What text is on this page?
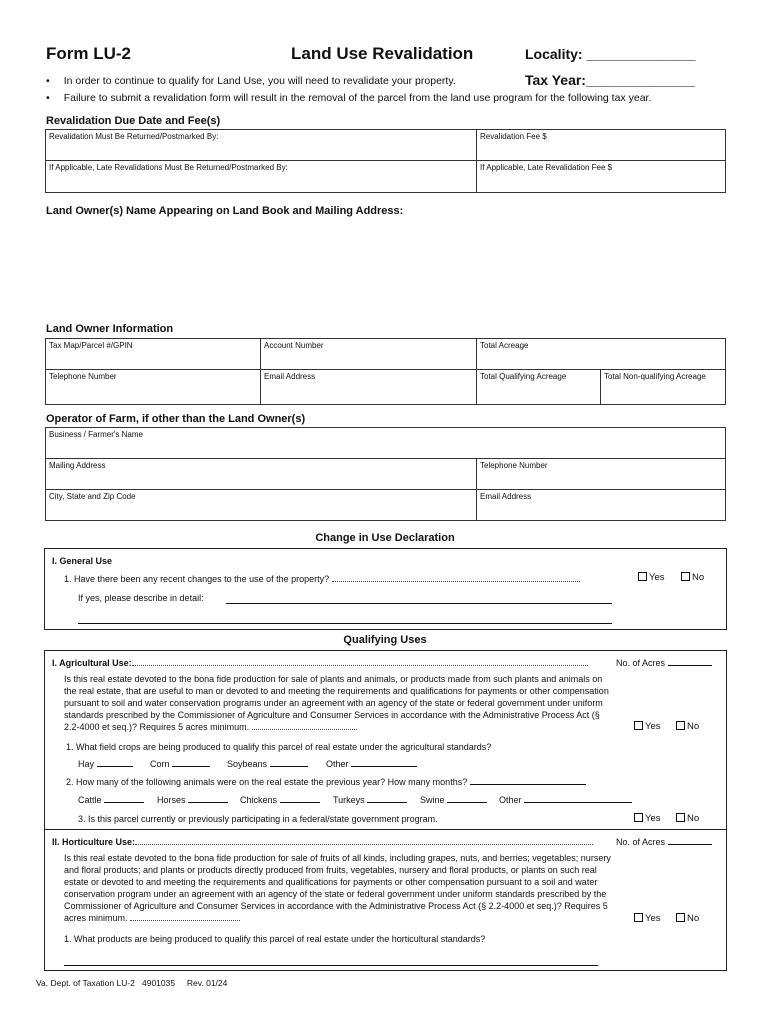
Form LU-2	Land Use Revalidation	Locality: ______________
Tax Year:______________
• In order to continue to qualify for Land Use, you will need to revalidate your property.
• Failure to submit a revalidation form will result in the removal of the parcel from the land use program for the following tax year.
Revalidation Due Date and Fee(s)
Revalidation Must Be Returned/Postmarked By:	Revalidation Fee $
If Applicable, Late Revalidations Must Be Returned/Postmarked By:	If Applicable, Late Revalidation Fee $
Land Owner(s) Name Appearing on Land Book and Mailing Address:
Land Owner Information
Tax Map/Parcel #/GPIN	Account Number	Total Acreage
Telephone Number	Email Address	Total Qualifying Acreage	Total Non-qualifying Acreage
Operator of Farm, if other than the Land Owner(s)
Business / Farmer's Name
Mailing Address	Telephone Number
City, State and Zip Code	Email Address
Change in Use Declaration
I. General Use
1. Have there been any recent changes to the use of the property?	Yes	No
If yes, please describe in detail:
Qualifying Uses
I. Agricultural Use:	No. of Acres
Is this real estate devoted to the bona fide production for sale of plants and animals, or products made from such plants and animals on the real estate, that are useful to man or devoted to and meeting the requirements and qualifications for payments or other compensation pursuant to soil and water conservation programs under an agreement with an agency of the state or federal government under uniform standards prescribed by the Commissioner of Agriculture and Consumer Services in accordance with the Administrative Process Act (§ 2.2-4000 et seq.)? Requires 5 acres minimum.	Yes	No
1. What field crops are being produced to qualify this parcel of real estate under the agricultural standards?
Hay	Corn	Soybeans	Other
2. How many of the following animals were on the real estate the previous year? How many months?
Cattle	Horses	Chickens	Turkeys	Swine	Other
3. Is this parcel currently or previously participating in a federal/state government program.	Yes	No
II. Horticulture Use:	No. of Acres
Is this real estate devoted to the bona fide production for sale of fruits of all kinds, including grapes, nuts, and berries; vegetables; nursery and floral products; and plants or products directly produced from fruits, vegetables, nursery and floral products, or plants on such real estate or devoted to and meeting the requirements and qualifications for payments or other compensation pursuant to a soil and water conservation program under an agreement with an agency of the state or federal government under uniform standards prescribed by the Commissioner of Agriculture and Consumer Services in accordance with the Administrative Process Act (§ 2.2-4000 et seq.)? Requires 5 acres minimum.	Yes	No
1. What products are being produced to qualify this parcel of real estate under the horticultural standards?
Va. Dept. of Taxation LU-2   4901035     Rev. 01/24
